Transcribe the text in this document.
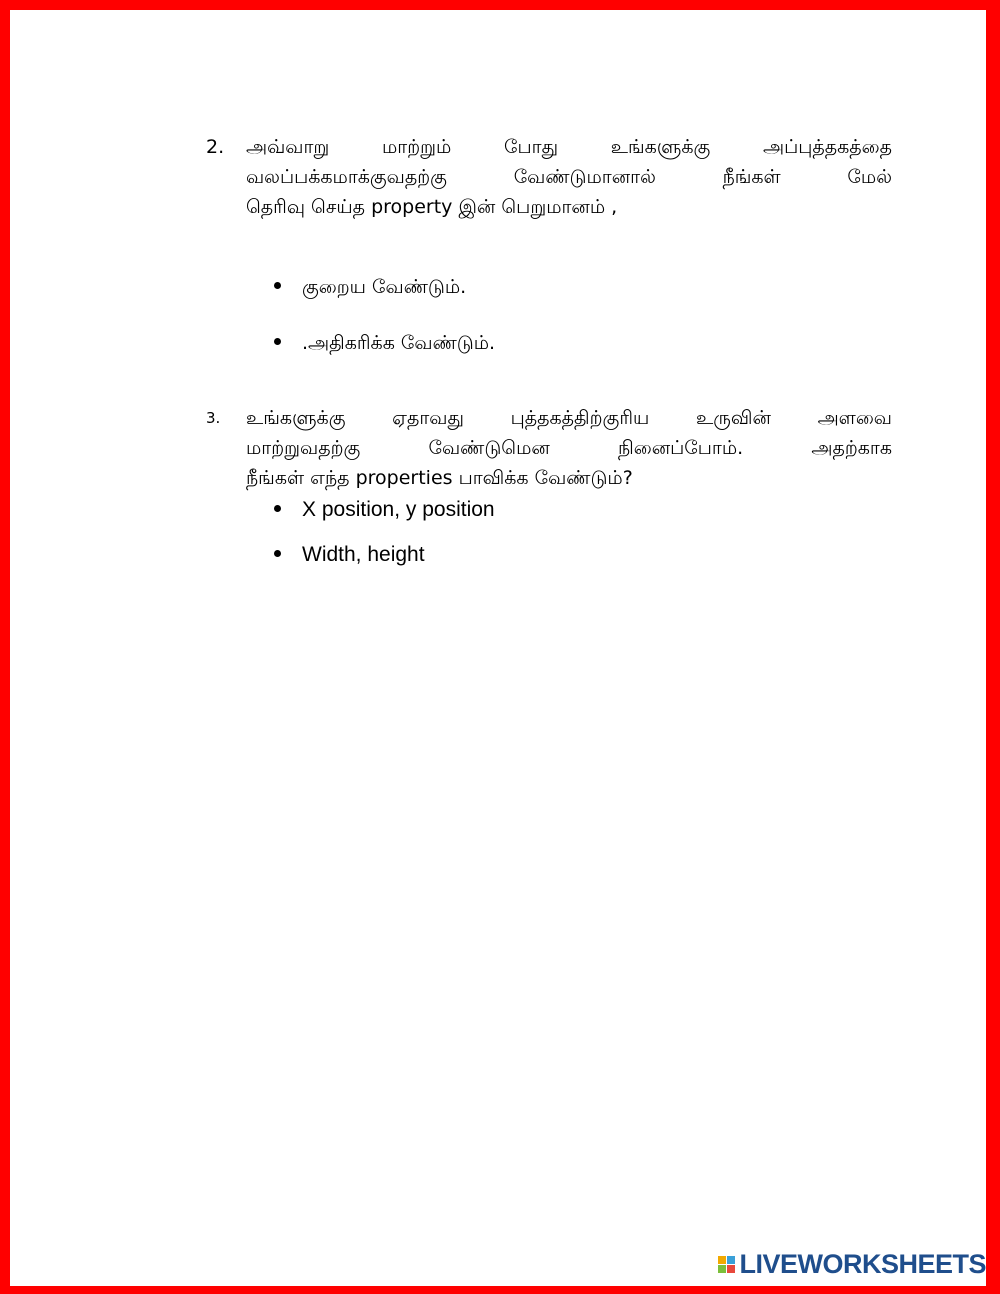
2.	அவ்வாறு மாற்றும் போது உங்களுக்கு அப்புத்தகத்தை
வலப்பக்கமாக்குவதற்கு வேண்டுமானால் நீங்கள் மேல்
தெரிவு செய்த property இன் பெறுமானம் ,
குறைய வேண்டும்.
.அதிகரிக்க வேண்டும்.
3.	உங்களுக்கு ஏதாவது புத்தகத்திற்குரிய உருவின் அளவை
மாற்றுவதற்கு வேண்டுமென நினைப்போம். அதற்காக
நீங்கள் எந்த properties பாவிக்க வேண்டும்?
X position, y position
Width, height
LIVEWORKSHEETS
